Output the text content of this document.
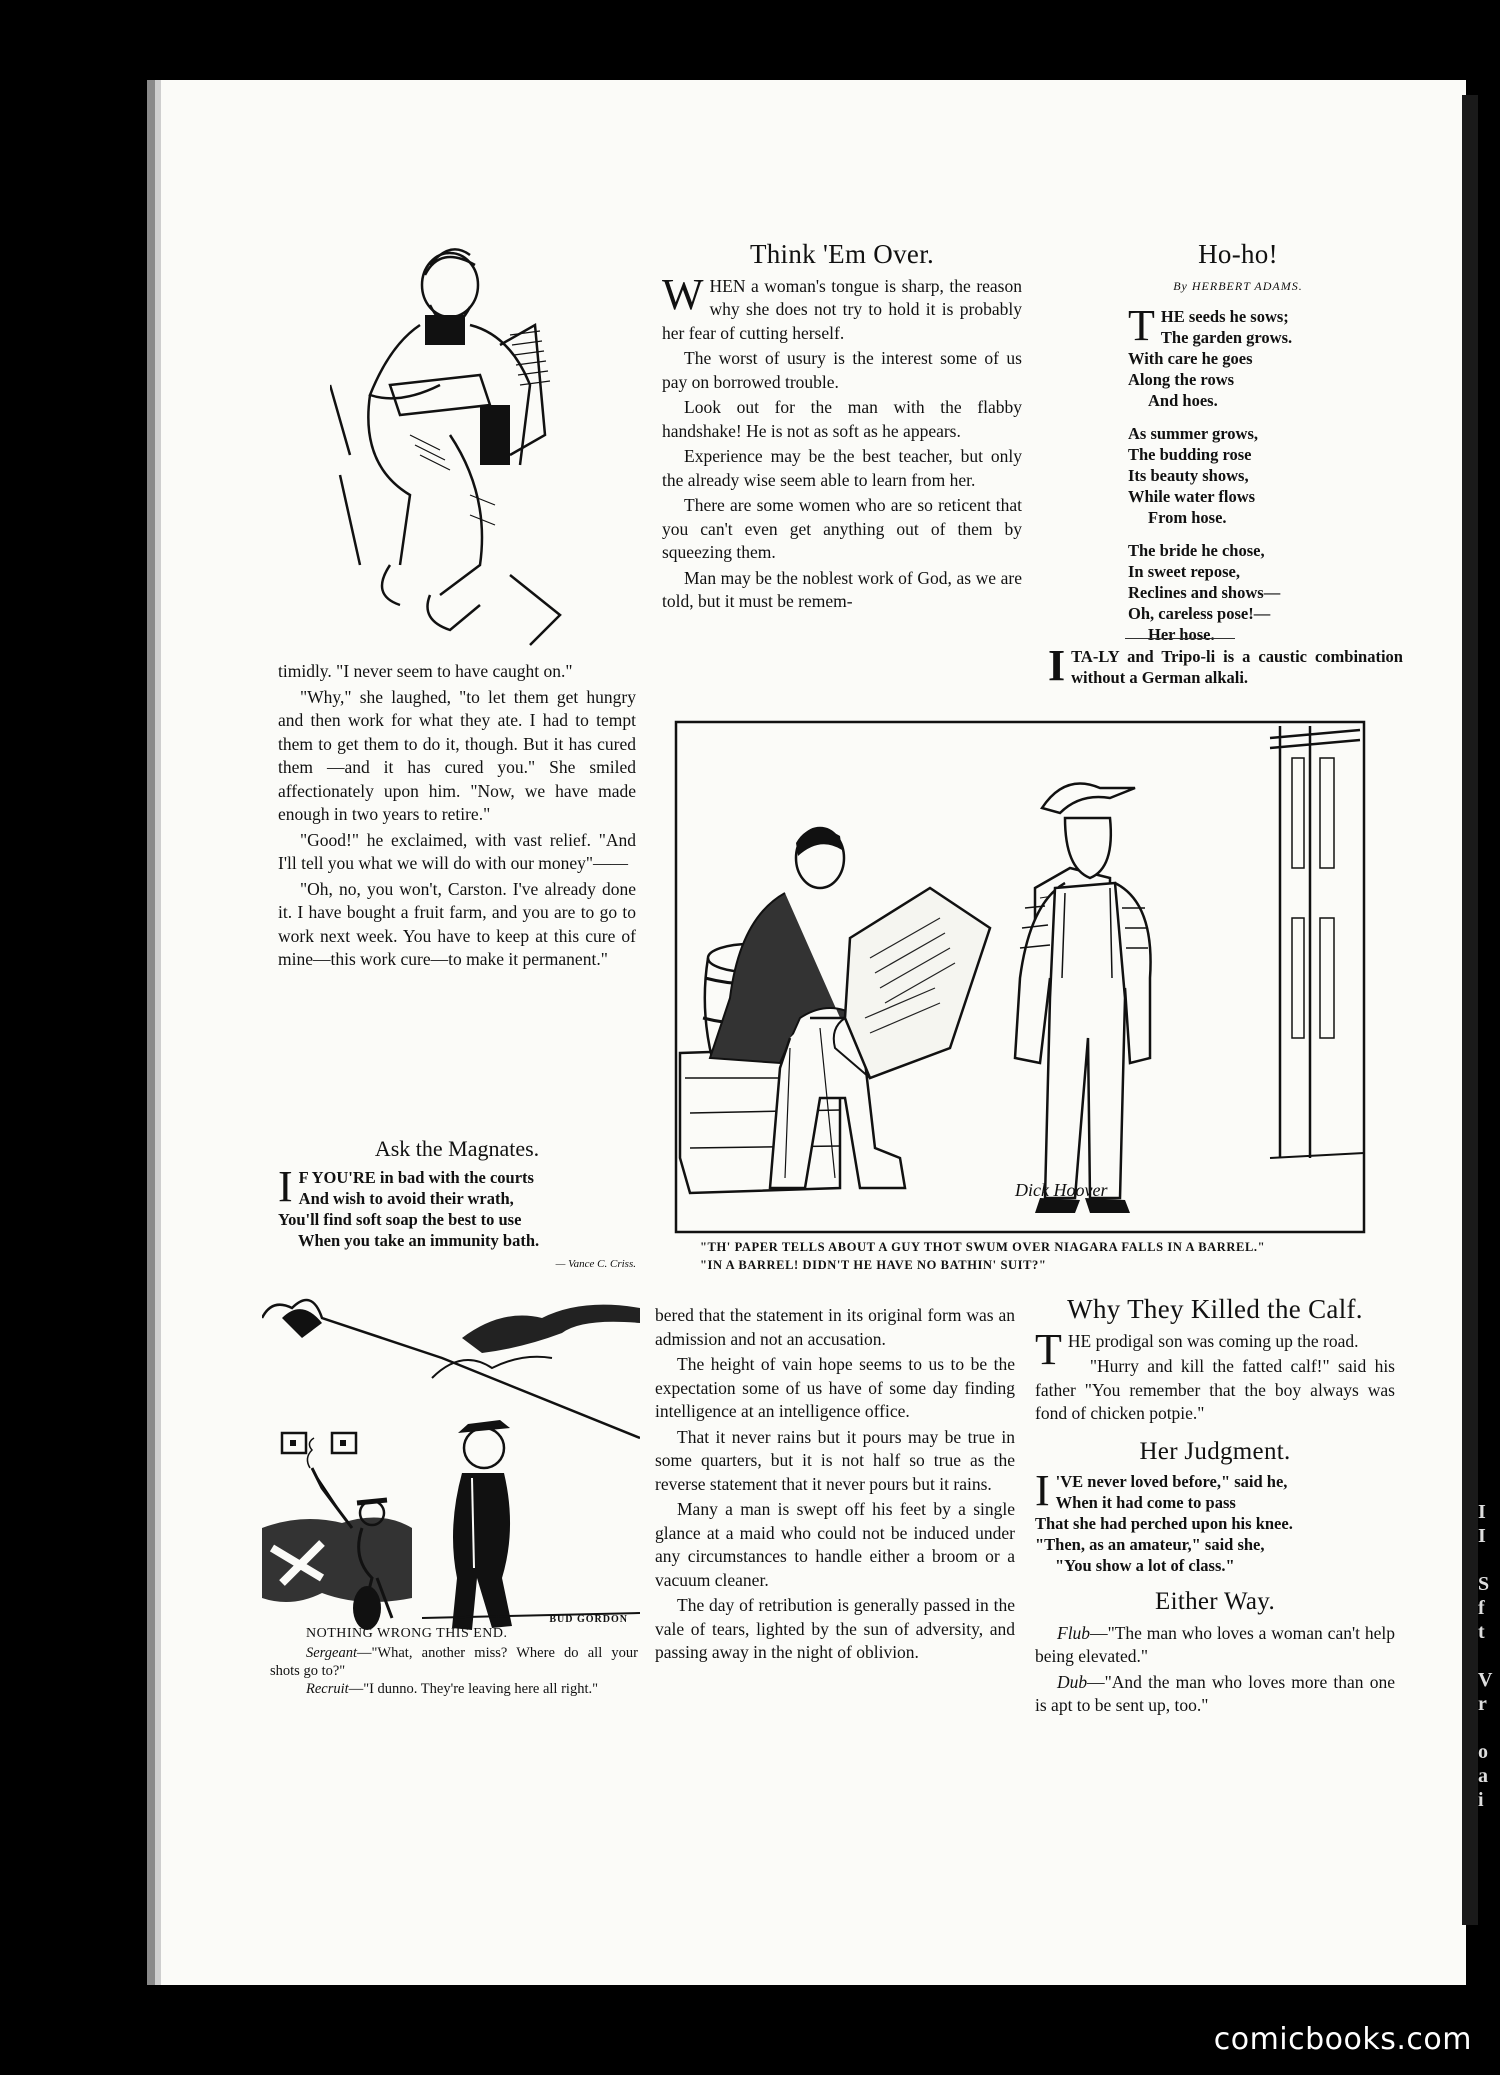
I
I

S
f
t

V
r

o
a
i

timidly. "I never seem to have caught on."

"Why," she laughed, "to let them get hungry and then work for what they ate. I had to tempt them to get them to do it, though. But it has cured them —and it has cured you." She smiled affectionately upon him. "Now, we have made enough in two years to retire."

"Good!" he exclaimed, with vast relief. "And I'll tell you what we will do with our money"——

"Oh, no, you won't, Carston. I've already done it. I have bought a fruit farm, and you are to go to work next week. You have to keep at this cure of mine—this work cure—to make it permanent."

Ask the Magnates.
I F YOU'RE in bad with the courts

And wish to avoid their wrath,

You'll find soft soap the best to use

When you take an immunity bath.

— Vance C. Criss.
BUD GORDON
NOTHING WRONG THIS END.
Sergeant—"What, another miss? Where do all your shots go to?"
Recruit—"I dunno. They're leaving here all right."
Think 'Em Over.

WHEN a woman's tongue is sharp, the reason why she does not try to hold it is probably her fear of cutting herself.

The worst of usury is the interest some of us pay on borrowed trouble.

Look out for the man with the flabby handshake! He is not as soft as he appears.

Experience may be the best teacher, but only the already wise seem able to learn from her.

There are some women who are so reticent that you can't even get anything out of them by squeezing them.

Man may be the noblest work of God, as we are told, but it must be remem-

Ho-ho!
By HERBERT ADAMS.
T HE seeds he sows;

The garden grows.

With care he goes

Along the rows

And hoes.

As summer grows,

The budding rose

Its beauty shows,

While water flows

From hose.

The bride he chose,

In sweet repose,

Reclines and shows—

Oh, careless pose!—

Her hose.

ITA-LY and Tripo-li is a caustic combination without a German alkali.
Dick Hoover
"TH' PAPER TELLS ABOUT A GUY THOT SWUM OVER NIAGARA FALLS IN A BARREL."
"IN A BARREL! DIDN'T HE HAVE NO BATHIN' SUIT?"

bered that the statement in its original form was an admission and not an accusation.

The height of vain hope seems to us to be the expectation some of us have of some day finding intelligence at an intelligence office.

That it never rains but it pours may be true in some quarters, but it is not half so true as the reverse statement that it never pours but it rains.

Many a man is swept off his feet by a single glance at a maid who could not be induced under any circumstances to handle either a broom or a vacuum cleaner.

The day of retribution is generally passed in the vale of tears, lighted by the sun of adversity, and passing away in the night of oblivion.

Why They Killed the Calf.

THE prodigal son was coming up the road.

"Hurry and kill the fatted calf!" said his father "You remember that the boy always was fond of chicken potpie."

Her Judgment.
I 'VE never loved before," said he,

When it had come to pass

That she had perched upon his knee.

"Then, as an amateur," said she,

"You show a lot of class."

Either Way.

Flub—"The man who loves a woman can't help being elevated."

Dub—"And the man who loves more than one is apt to be sent up, too."

comicbooks.com
